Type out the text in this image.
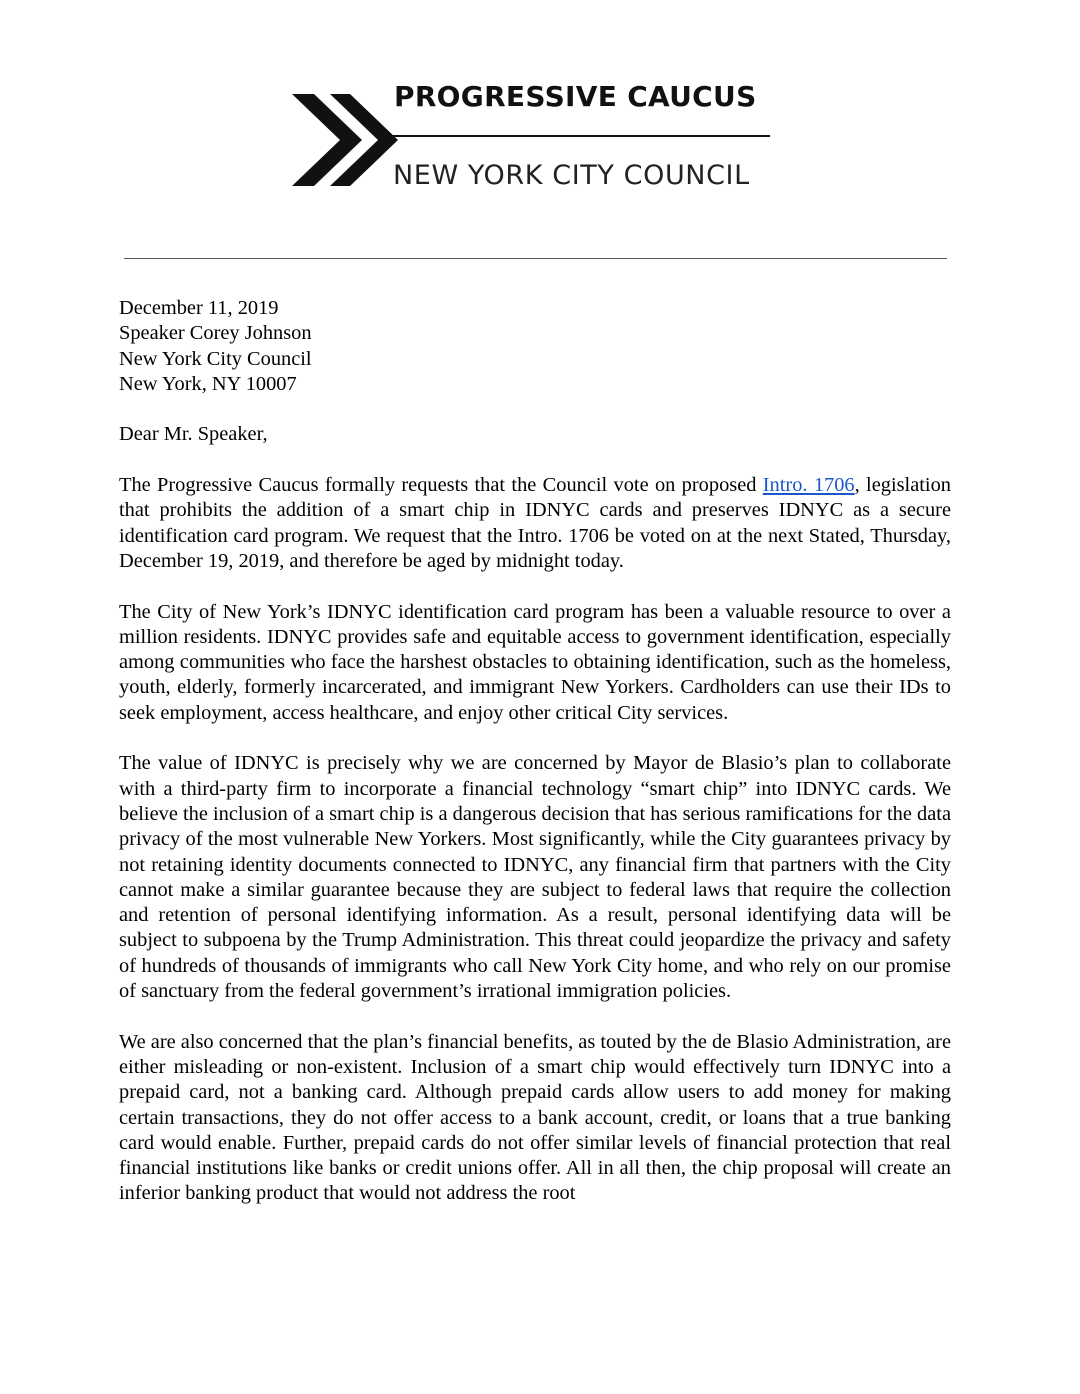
PROGRESSIVE CAUCUS
NEW YORK CITY COUNCIL
December 11, 2019
Speaker Corey Johnson
New York City Council
New York, NY 10007
Dear Mr. Speaker,

The Progressive Caucus formally requests that the Council vote on proposed Intro. 1706, legislation that prohibits the addition of a smart chip in IDNYC cards and preserves IDNYC as a secure identification card program. We request that the Intro. 1706 be voted on at the next Stated, Thursday, December 19, 2019, and therefore be aged by midnight today.

The City of New York’s IDNYC identification card program has been a valuable resource to over a million residents. IDNYC provides safe and equitable access to government identification, especially among communities who face the harshest obstacles to obtaining identification, such as the homeless, youth, elderly, formerly incarcerated, and immigrant New Yorkers. Cardholders can use their IDs to seek employment, access healthcare, and enjoy other critical City services.

The value of IDNYC is precisely why we are concerned by Mayor de Blasio’s plan to collaborate with a third-party firm to incorporate a financial technology “smart chip” into IDNYC cards. We believe the inclusion of a smart chip is a dangerous decision that has serious ramifications for the data privacy of the most vulnerable New Yorkers. Most significantly, while the City guarantees privacy by not retaining identity documents connected to IDNYC, any financial firm that partners with the City cannot make a similar guarantee because they are subject to federal laws that require the collection and retention of personal identifying information. As a result, personal identifying data will be subject to subpoena by the Trump Administration. This threat could jeopardize the privacy and safety of hundreds of thousands of immigrants who call New York City home, and who rely on our promise of sanctuary from the federal government’s irrational immigration policies.

We are also concerned that the plan’s financial benefits, as touted by the de Blasio Administration, are either misleading or non-existent. Inclusion of a smart chip would effectively turn IDNYC into a prepaid card, not a banking card. Although prepaid cards allow users to add money for making certain transactions, they do not offer access to a bank account, credit, or loans that a true banking card would enable. Further, prepaid cards do not offer similar levels of financial protection that real financial institutions like banks or credit unions offer. All in all then, the chip proposal will create an inferior banking product that would not address the root
